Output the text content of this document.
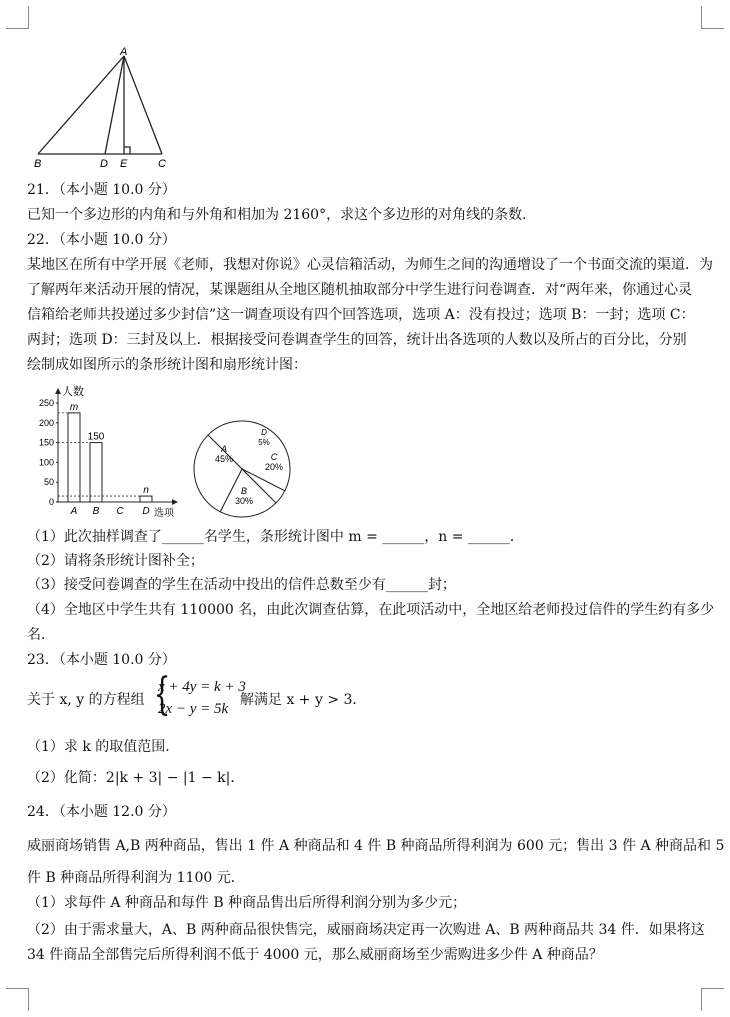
A
B	D E	C
21．（本小题 10.0 分）
已知一个多边形的内角和与外角和相加为 2160°，求这个多边形的对角线的条数．
22．（本小题 10.0 分）
某地区在所有中学开展《老师，我想对你说》心灵信箱活动，为师生之间的沟通增设了一个书面交流的渠道．为
了解两年来活动开展的情况，某课题组从全地区随机抽取部分中学生进行问卷调查．对“两年来，你通过心灵
信箱给老师共投递过多少封信”这一调查项设有四个回答选项，选项 A：没有投过；选项 B：一封；选项 C：
两封；选项 D：三封及以上．根据接受问卷调查学生的回答，统计出各选项的人数以及所占的百分比，分别
绘制成如图所示的条形统计图和扇形统计图：
人数
选项
0
50
100
150
200
250
A
m
B
150
C D
n
A
45%
D
5%
C
20%
B
30%
（1）此次抽样调查了______名学生，条形统计图中 m = ______，n = ______．
（2）请将条形统计图补全；
（3）接受问卷调查的学生在活动中投出的信件总数至少有______封；
（4）全地区中学生共有 110000 名，由此次调查估算，在此项活动中，全地区给老师投过信件的学生约有多少
名．
23．（本小题 10.0 分）
关于 x, y 的方程组 {
x + 4y = k + 3
2x − y = 5k
解满足 x + y > 3．
（1）求 k 的取值范围．
（2）化简：2|k + 3| − |1 − k|．
24．（本小题 12.0 分）
威丽商场销售 A,B 两种商品，售出 1 件 A 种商品和 4 件 B 种商品所得利润为 600 元；售出 3 件 A 种商品和 5
件 B 种商品所得利润为 1100 元．
（1）求每件 A 种商品和每件 B 种商品售出后所得利润分别为多少元；
（2）由于需求量大，A、B 两种商品很快售完，威丽商场决定再一次购进 A、B 两种商品共 34 件．如果将这
34 件商品全部售完后所得利润不低于 4000 元，那么威丽商场至少需购进多少件 A 种商品？
